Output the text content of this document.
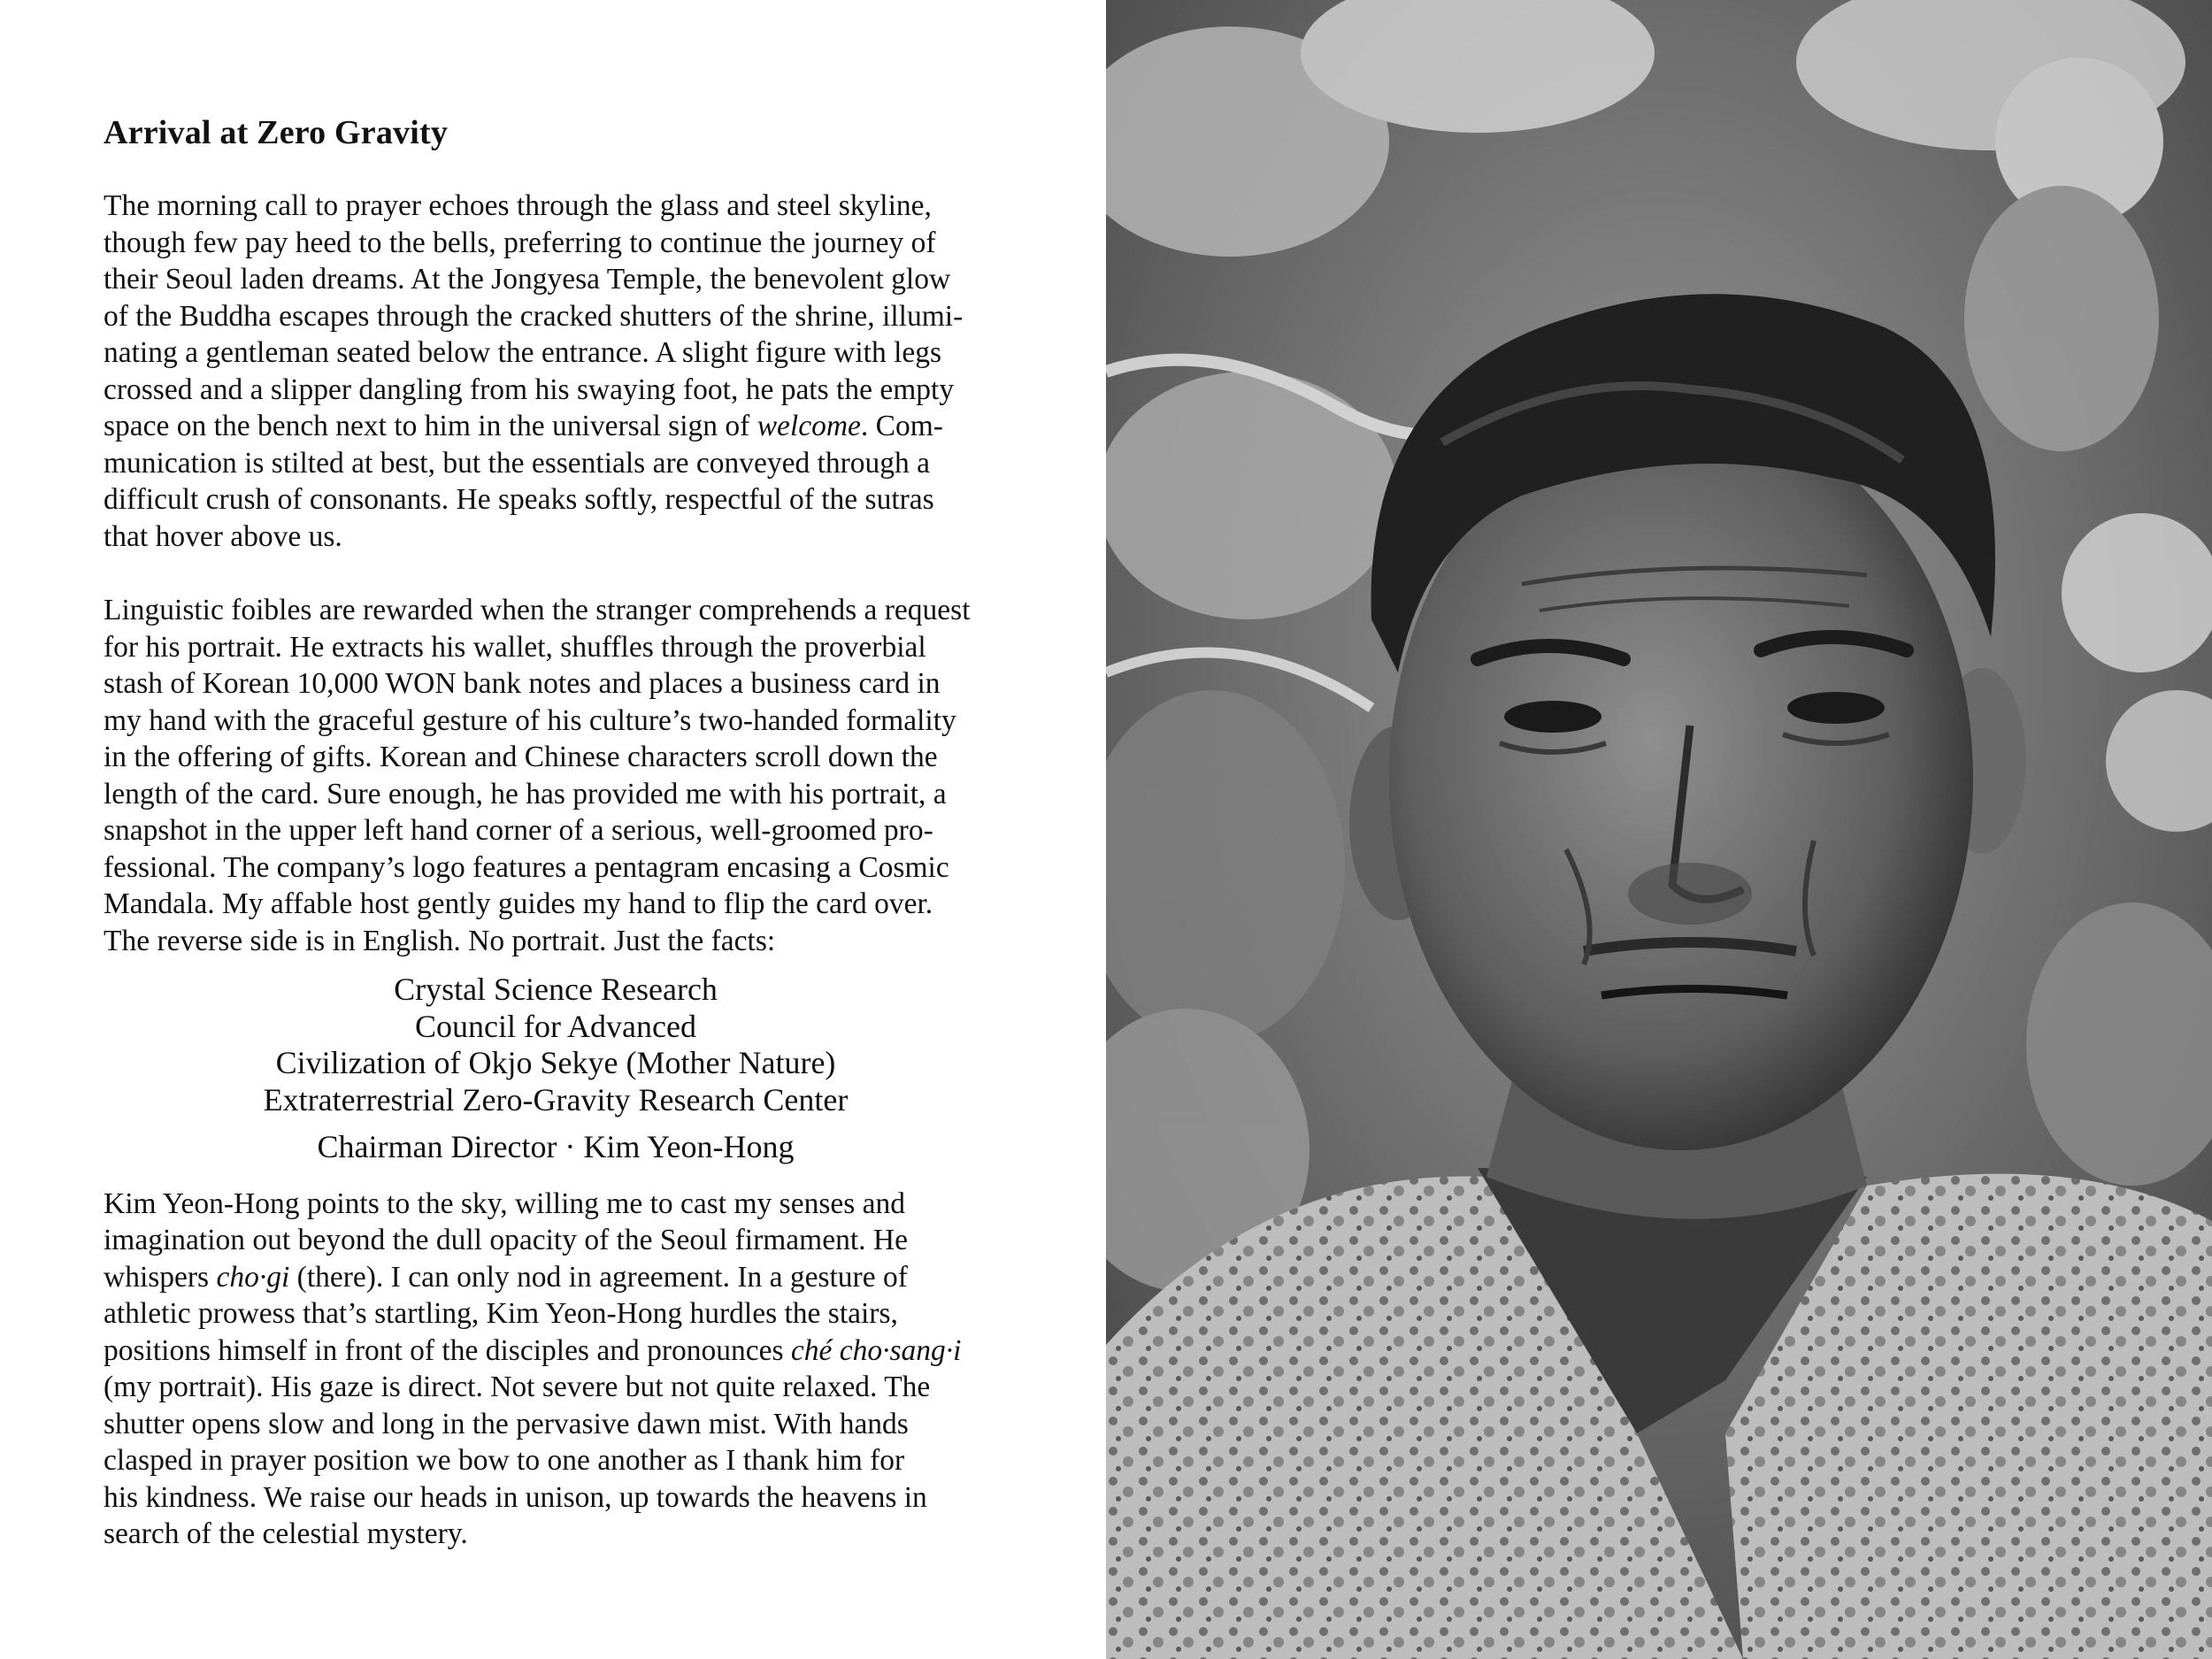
Arrival at Zero Gravity

The morning call to prayer echoes through the glass and steel skyline,
though few pay heed to the bells, preferring to continue the journey of
their Seoul laden dreams. At the Jongyesa Temple, the benevolent glow
of the Buddha escapes through the cracked shutters of the shrine, illumi-
nating a gentleman seated below the entrance. A slight figure with legs
crossed and a slipper dangling from his swaying foot, he pats the empty
space on the bench next to him in the universal sign of welcome. Com-
munication is stilted at best, but the essentials are conveyed through a
difficult crush of consonants. He speaks softly, respectful of the sutras
that hover above us.

Linguistic foibles are rewarded when the stranger comprehends a request
for his portrait. He extracts his wallet, shuffles through the proverbial
stash of Korean 10,000 WON bank notes and places a business card in
my hand with the graceful gesture of his culture’s two-handed formality
in the offering of gifts. Korean and Chinese characters scroll down the
length of the card. Sure enough, he has provided me with his portrait, a
snapshot in the upper left hand corner of a serious, well-groomed pro-
fessional. The company’s logo features a pentagram encasing a Cosmic
Mandala. My affable host gently guides my hand to flip the card over.
The reverse side is in English. No portrait. Just the facts:

Crystal Science Research
Council for Advanced
Civilization of Okjo Sekye (Mother Nature)
Extraterrestrial Zero-Gravity Research Center
Chairman Director · Kim Yeon-Hong

Kim Yeon-Hong points to the sky, willing me to cast my senses and
imagination out beyond the dull opacity of the Seoul firmament. He
whispers cho·gi (there). I can only nod in agreement. In a gesture of
athletic prowess that’s startling, Kim Yeon-Hong hurdles the stairs,
positions himself in front of the disciples and pronounces ché cho·sang·i
(my portrait). His gaze is direct. Not severe but not quite relaxed. The
shutter opens slow and long in the pervasive dawn mist. With hands
clasped in prayer position we bow to one another as I thank him for
his kindness. We raise our heads in unison, up towards the heavens in
search of the celestial mystery.
